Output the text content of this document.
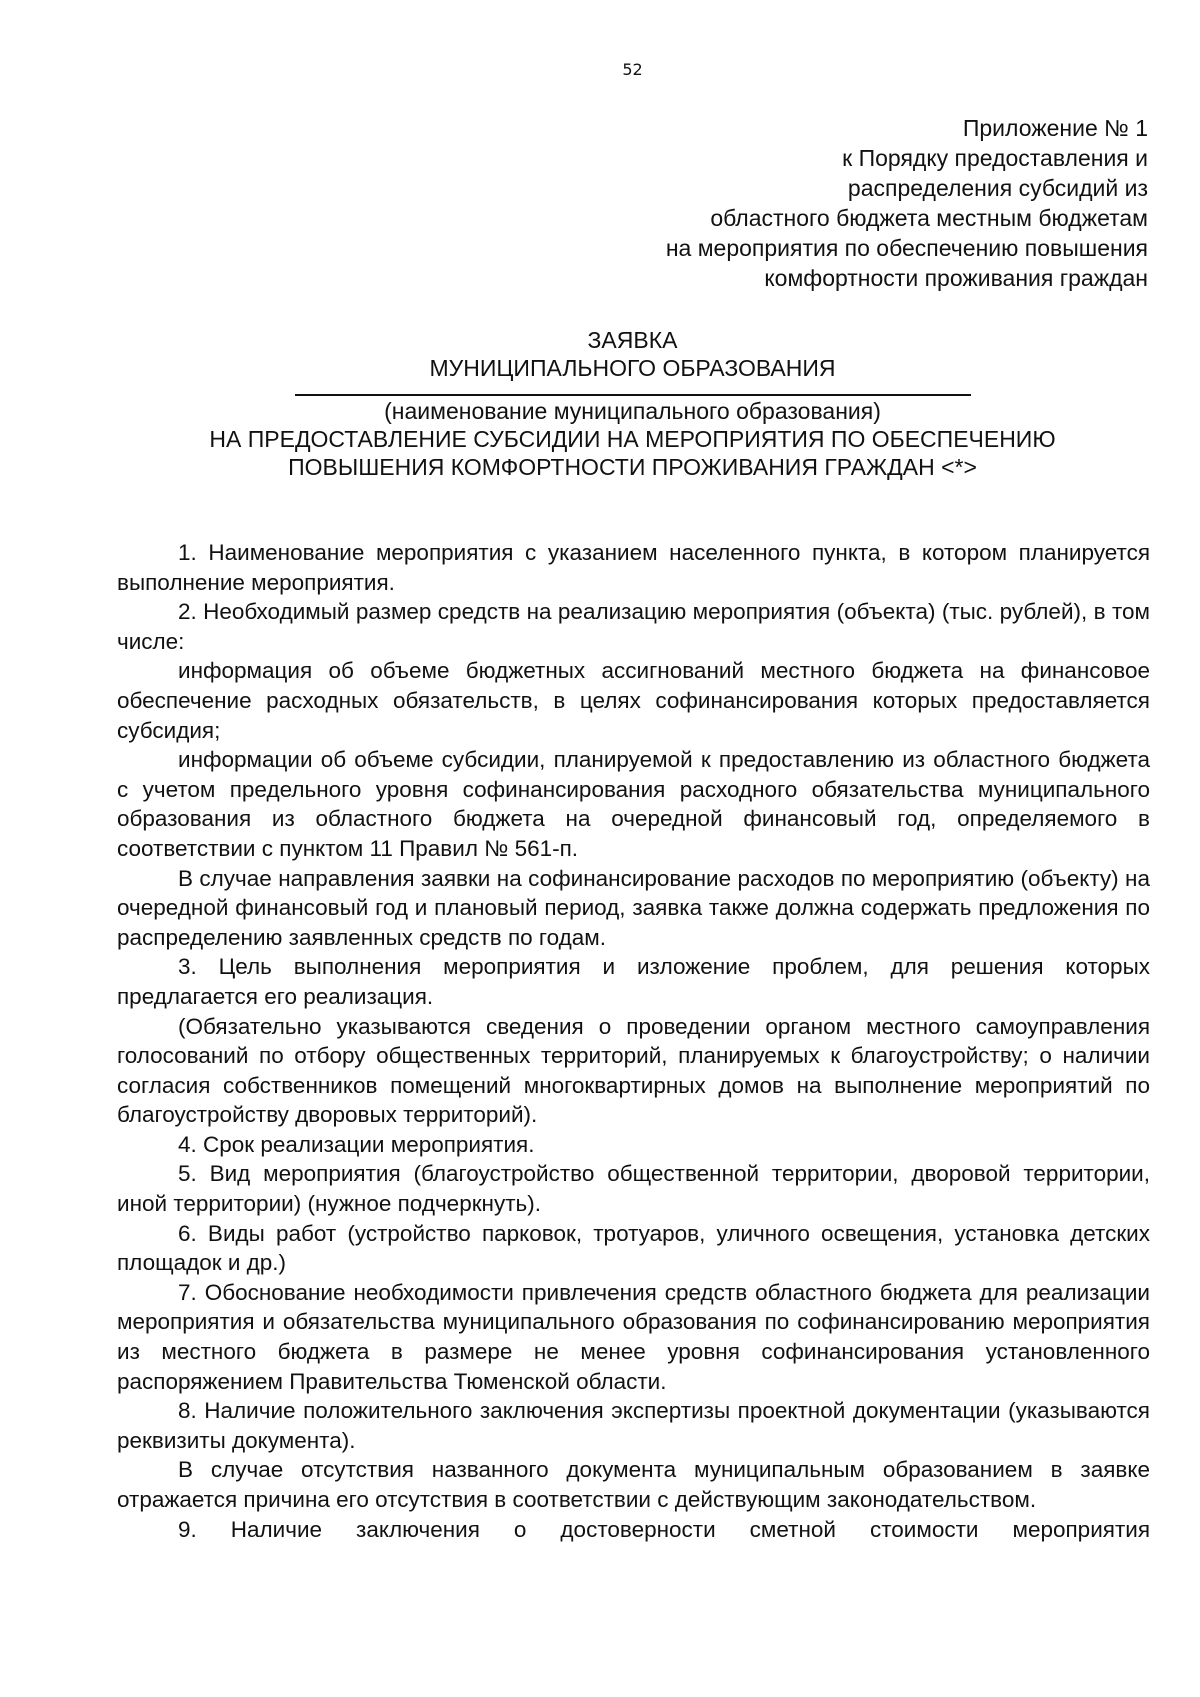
52
Приложение № 1
к Порядку предоставления и
распределения субсидий из
областного бюджета местным бюджетам
на мероприятия по обеспечению повышения
комфортности проживания граждан
ЗАЯВКА
МУНИЦИПАЛЬНОГО ОБРАЗОВАНИЯ
(наименование муниципального образования)
НА ПРЕДОСТАВЛЕНИЕ СУБСИДИИ НА МЕРОПРИЯТИЯ ПО ОБЕСПЕЧЕНИЮ
ПОВЫШЕНИЯ КОМФОРТНОСТИ ПРОЖИВАНИЯ ГРАЖДАН <*>

1. Наименование мероприятия с указанием населенного пункта, в котором планируется выполнение мероприятия.

2. Необходимый размер средств на реализацию мероприятия (объекта) (тыс. рублей), в том числе:

информация об объеме бюджетных ассигнований местного бюджета на финансовое обеспечение расходных обязательств, в целях софинансирования которых предоставляется субсидия;

информации об объеме субсидии, планируемой к предоставлению из областного бюджета с учетом предельного уровня софинансирования расходного обязательства муниципального образования из областного бюджета на очередной финансовый год, определяемого в соответствии с пунктом 11 Правил № 561-п.

В случае направления заявки на софинансирование расходов по мероприятию (объекту) на очередной финансовый год и плановый период, заявка также должна содержать предложения по распределению заявленных средств по годам.

3. Цель выполнения мероприятия и изложение проблем, для решения которых предлагается его реализация.

(Обязательно указываются сведения о проведении органом местного самоуправления голосований по отбору общественных территорий, планируемых к благоустройству; о наличии согласия собственников помещений многоквартирных домов на выполнение мероприятий по благоустройству дворовых территорий).

4. Срок реализации мероприятия.

5. Вид мероприятия (благоустройство общественной территории, дворовой территории, иной территории) (нужное подчеркнуть).

6. Виды работ (устройство парковок, тротуаров, уличного освещения, установка детских площадок и др.)

7. Обоснование необходимости привлечения средств областного бюджета для реализации мероприятия и обязательства муниципального образования по софинансированию мероприятия из местного бюджета в размере не менее уровня софинансирования установленного распоряжением Правительства Тюменской области.

8. Наличие положительного заключения экспертизы проектной документации (указываются реквизиты документа).

В случае отсутствия названного документа муниципальным образованием в заявке отражается причина его отсутствия в соответствии с действующим законодательством.

9. Наличие заключения о достоверности сметной стоимости мероприятия
